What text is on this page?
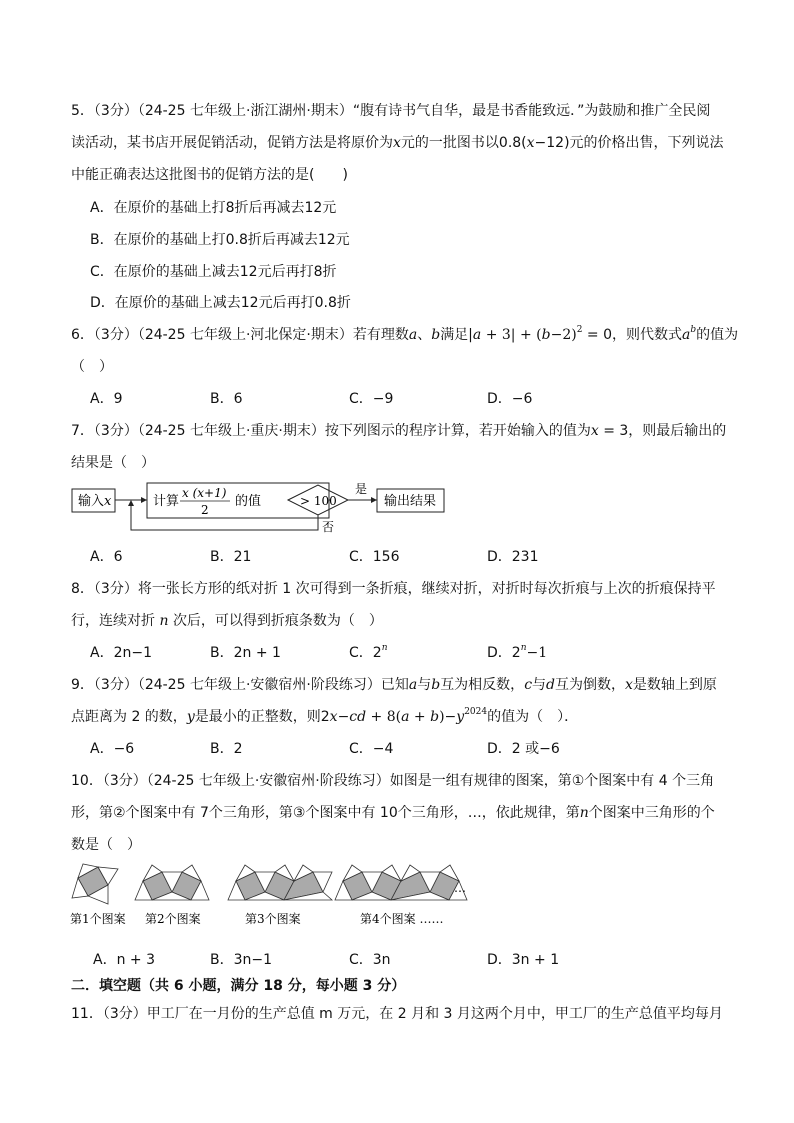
5．（3分）（24-25 七年级上·浙江湖州·期末）“腹有诗书气自华，最是书香能致远．”为鼓励和推广全民阅
读活动，某书店开展促销活动，促销方法是将原价为x元的一批图书以0.8(x−12)元的价格出售，下列说法
中能正确表达这批图书的促销方法的是(　　)
A．在原价的基础上打8折后再减去12元
B．在原价的基础上打0.8折后再减去12元
C．在原价的基础上减去12元后再打8折
D．在原价的基础上减去12元后再打0.8折
6．（3分）（24-25 七年级上·河北保定·期末）若有理数a、b满足$|a + 3| + (b-2)^2 = 0$，则代数式$a^b$的值为
（　）
A．9	B．6	C．−9	D．−6
7．（3分）（24-25 七年级上·重庆·期末）按下列图示的程序计算，若开始输入的值为x = 3，则最后输出的
结果是（　）
输入x	计算
x (x+1)
2
的值	> 100
是
输出结果
否
A．6	B．21	C．156	D．231
8．（3分）将一张长方形的纸对折 1 次可得到一条折痕，继续对折，对折时每次折痕与上次的折痕保持平
行，连续对折 n 次后，可以得到折痕条数为（　）
A．2n−1	B．2n + 1	C．2$^n$	D．$2^n-1$
9．（3分）（24-25 七年级上·安徽宿州·阶段练习）已知a与b互为相反数，c与d互为倒数，x是数轴上到原
点距离为 2 的数，y是最小的正整数，则$2x-cd + 8(a + b)-y^{2024}$的值为（　）．
A．−6	B．2	C．−4	D．2 或−6
10．（3分）（24-25 七年级上·安徽宿州·阶段练习）如图是一组有规律的图案，第①个图案中有 4 个三角
形，第②个图案中有 7个三角形，第③个图案中有 10个三角形，…，依此规律，第n个图案中三角形的个
数是（　）
…
第1个图案 第2个图案	第3个图案	第4个图案 ……
A．n + 3	B．3n−1	C．3n	D．3n + 1
二．填空题（共 6 小题，满分 18 分，每小题 3 分）
11．（3分）甲工厂在一月份的生产总值 m 万元，在 2 月和 3 月这两个月中，甲工厂的生产总值平均每月
